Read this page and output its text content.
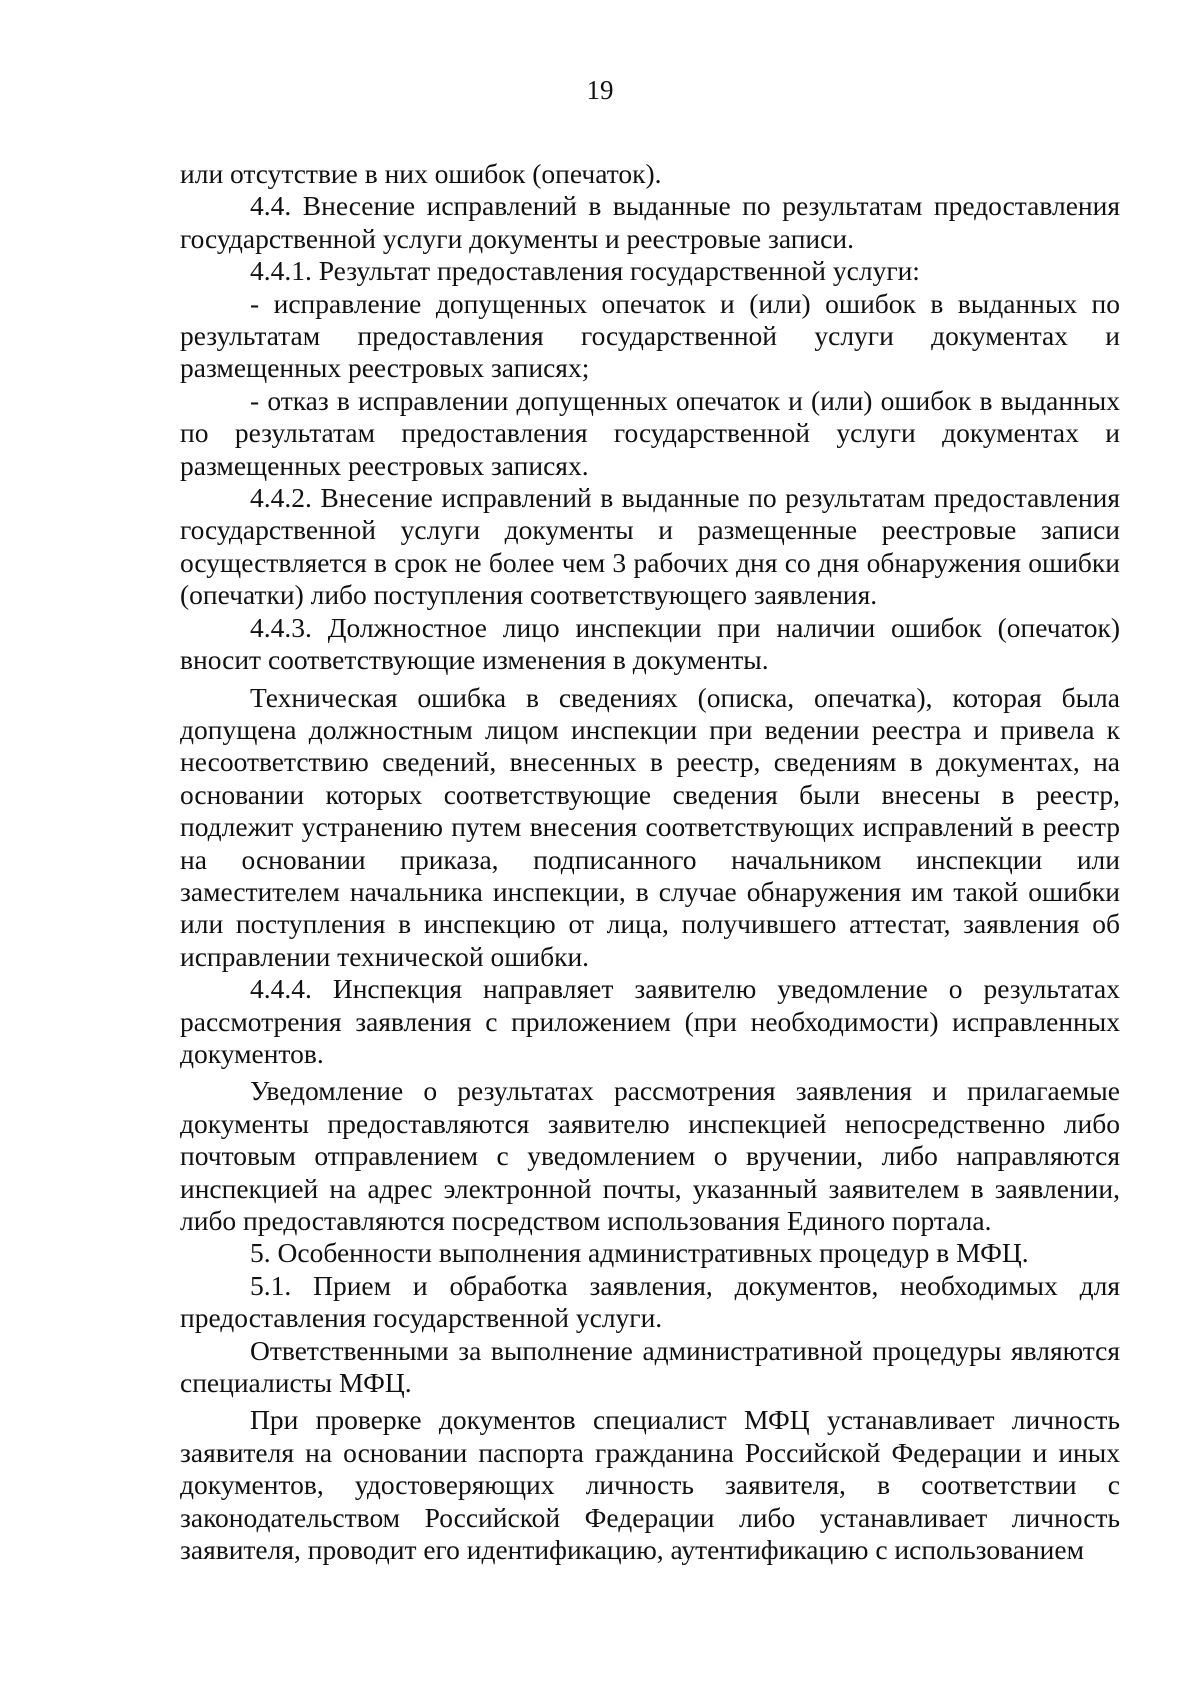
19

или отсутствие в них ошибок (опечаток).

4.4. Внесение исправлений в выданные по результатам предоставления государственной услуги документы и реестровые записи.

4.4.1. Результат предоставления государственной услуги:

- исправление допущенных опечаток и (или) ошибок в выданных по результатам предоставления государственной услуги документах и размещенных реестровых записях;

- отказ в исправлении допущенных опечаток и (или) ошибок в выданных по результатам предоставления государственной услуги документах и размещенных реестровых записях.

4.4.2. Внесение исправлений в выданные по результатам предоставления государственной услуги документы и размещенные реестровые записи осуществляется в срок не более чем 3 рабочих дня со дня обнаружения ошибки (опечатки) либо поступления соответствующего заявления.

4.4.3. Должностное лицо инспекции при наличии ошибок (опечаток) вносит соответствующие изменения в документы.

Техническая ошибка в сведениях (описка, опечатка), которая была допущена должностным лицом инспекции при ведении реестра и привела к несоответствию сведений, внесенных в реестр, сведениям в документах, на основании которых соответствующие сведения были внесены в реестр, подлежит устранению путем внесения соответствующих исправлений в реестр на основании приказа, подписанного начальником инспекции или заместителем начальника инспекции, в случае обнаружения им такой ошибки или поступления в инспекцию от лица, получившего аттестат, заявления об исправлении технической ошибки.

4.4.4. Инспекция направляет заявителю уведомление о результатах рассмотрения заявления с приложением (при необходимости) исправленных документов.

Уведомление о результатах рассмотрения заявления и прилагаемые документы предоставляются заявителю инспекцией непосредственно либо почтовым отправлением с уведомлением о вручении, либо направляются инспекцией на адрес электронной почты, указанный заявителем в заявлении, либо предоставляются посредством использования Единого портала.

5. Особенности выполнения административных процедур в МФЦ.

5.1. Прием и обработка заявления, документов, необходимых для предоставления государственной услуги.

Ответственными за выполнение административной процедуры являются специалисты МФЦ.

При проверке документов специалист МФЦ устанавливает личность заявителя на основании паспорта гражданина Российской Федерации и иных документов, удостоверяющих личность заявителя, в соответствии с законодательством Российской Федерации либо устанавливает личность заявителя, проводит его идентификацию, аутентификацию с использованием
